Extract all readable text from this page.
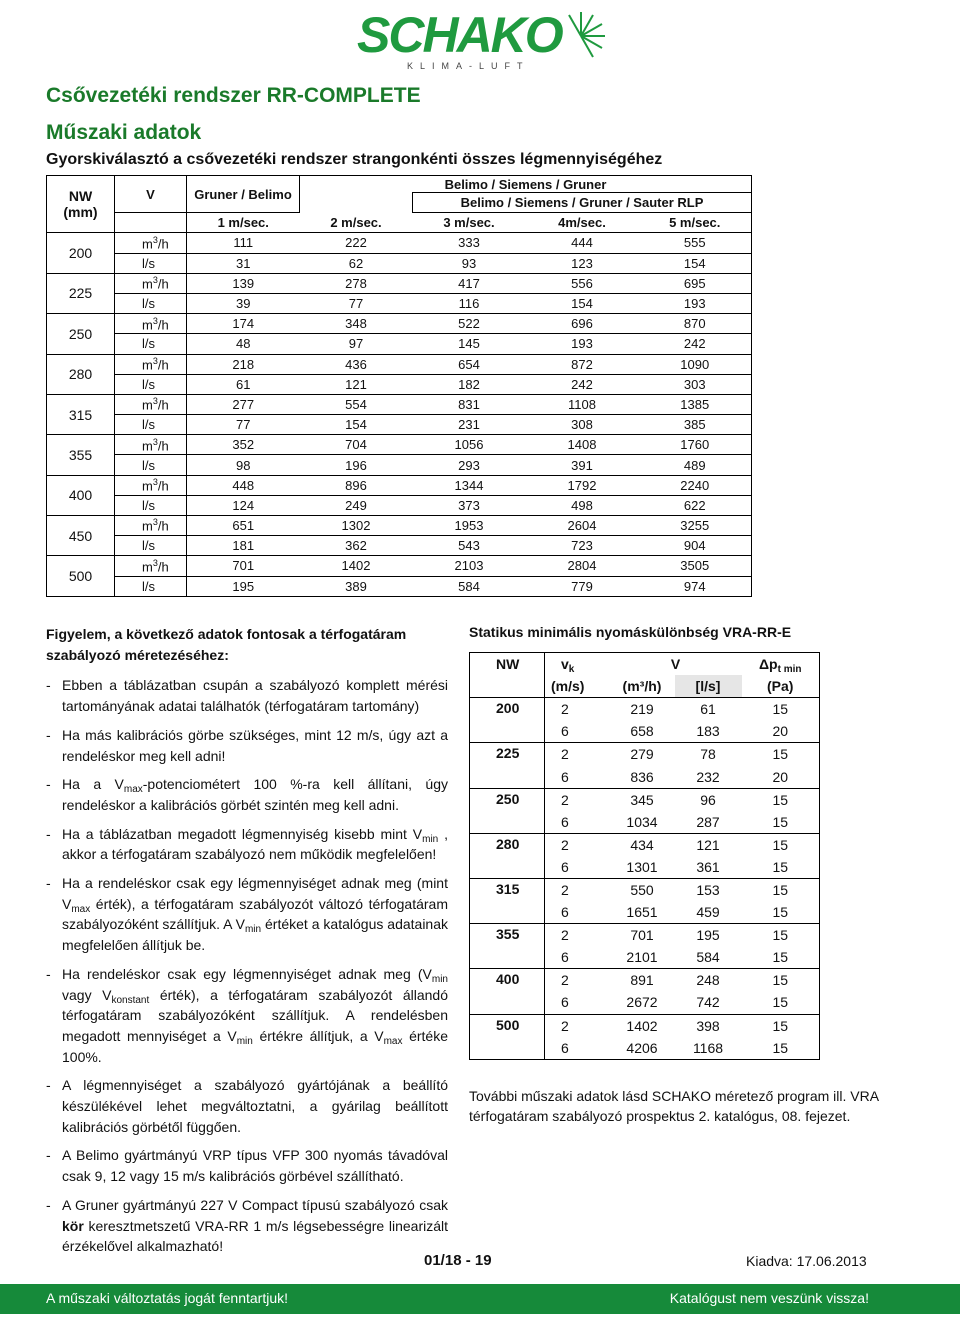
SCHAKO
KLIMA-LUFT
Csővezetéki rendszer RR-COMPLETE
Műszaki adatok
Gyorskiválasztó a csővezetéki rendszer strangonkénti összes légmennyiségéhez
NW
(mm)	V	Gruner / Belimo	Belimo / Siemens / Gruner			
				Belimo / Siemens / Gruner / Sauter RLP		
		1 m/sec.	2 m/sec.	3 m/sec.	4m/sec.	5 m/sec.
200	$m^3/h$	111	222	333	444	555
	l/s	31	62	93	123	154
225	$m^3/h$	139	278	417	556	695
	l/s	39	77	116	154	193
250	$m^3/h$	174	348	522	696	870
	l/s	48	97	145	193	242
280	$m^3/h$	218	436	654	872	1090
	l/s	61	121	182	242	303
315	$m^3/h$	277	554	831	1108	1385
	l/s	77	154	231	308	385
355	$m^3/h$	352	704	1056	1408	1760
	l/s	98	196	293	391	489
400	$m^3/h$	448	896	1344	1792	2240
	l/s	124	249	373	498	622
450	$m^3/h$	651	1302	1953	2604	3255
	l/s	181	362	543	723	904
500	$m^3/h$	701	1402	2103	2804	3505
	l/s	195	389	584	779	974
Figyelem, a következő adatok fontosak a térfogatáram szabályozó méretezéséhez:
- Ebben a táblázatban csupán a szabályozó komplett mérési tartományának adatai találhatók (térfogatáram tartomány)
- Ha más kalibrációs görbe szükséges, mint 12 m/s, úgy azt a rendeléskor meg kell adni!
- Ha a $V_{max}$-potenciométert 100 %-ra kell állítani, úgy rendeléskor a kalibrációs görbét szintén meg kell adni.
- Ha a táblázatban megadott légmennyiség kisebb mint $V_{min}$ , akkor a térfogatáram szabályozó nem működik megfelelően!
- Ha a rendeléskor csak egy légmennyiséget adnak meg (mint $V_{max}$ érték), a térfogatáram szabályozót változó térfogatáram szabályozóként szállítjuk. A $V_{min}$ értéket a katalógus adatainak megfelelően állítjuk be.
- Ha rendeléskor csak egy légmennyiséget adnak meg ($V_{min}$ vagy $V_{konstant}$ érték), a térfogatáram szabályozót állandó térfogatáram szabályozóként szállítjuk. A rendelésben megadott mennyiséget a $V_{min}$ értékre állítjuk, a $V_{max}$ értéke 100%.
- A légmennyiséget a szabályozó gyártójának a beállító készülékével lehet megváltoztatni, a gyárilag beállított kalibrációs görbétől függően.
- A Belimo gyártmányú VRP típus VFP 300 nyomás távadóval csak 9, 12 vagy 15 m/s kalibrációs görbével szállítható.
- A Gruner gyártmányú 227 V Compact típusú szabályozó csak kör keresztmetszetű VRA-RR 1 m/s légsebességre linearizált érzékelővel alkalmazható!
Statikus minimális nyomáskülönbség VRA-RR-E
NW	$v_k$	V		$\Delta p_{t min}$
	(m/s)	(m³/h)	[l/s]	(Pa)
200	2	219	61	15
	6	658	183	20
225	2	279	78	15
	6	836	232	20
250	2	345	96	15
	6	1034	287	15
280	2	434	121	15
	6	1301	361	15
315	2	550	153	15
	6	1651	459	15
355	2	701	195	15
	6	2101	584	15
400	2	891	248	15
	6	2672	742	15
500	2	1402	398	15
	6	4206	1168	15
További műszaki adatok lásd SCHAKO méretező program ill. VRA térfogatáram szabályozó prospektus 2. katalógus, 08. fejezet.
01/18 - 19	Kiadva: 17.06.2013
A műszaki változtatás jogát fenntartjuk!	Katalógust nem veszünk vissza!
